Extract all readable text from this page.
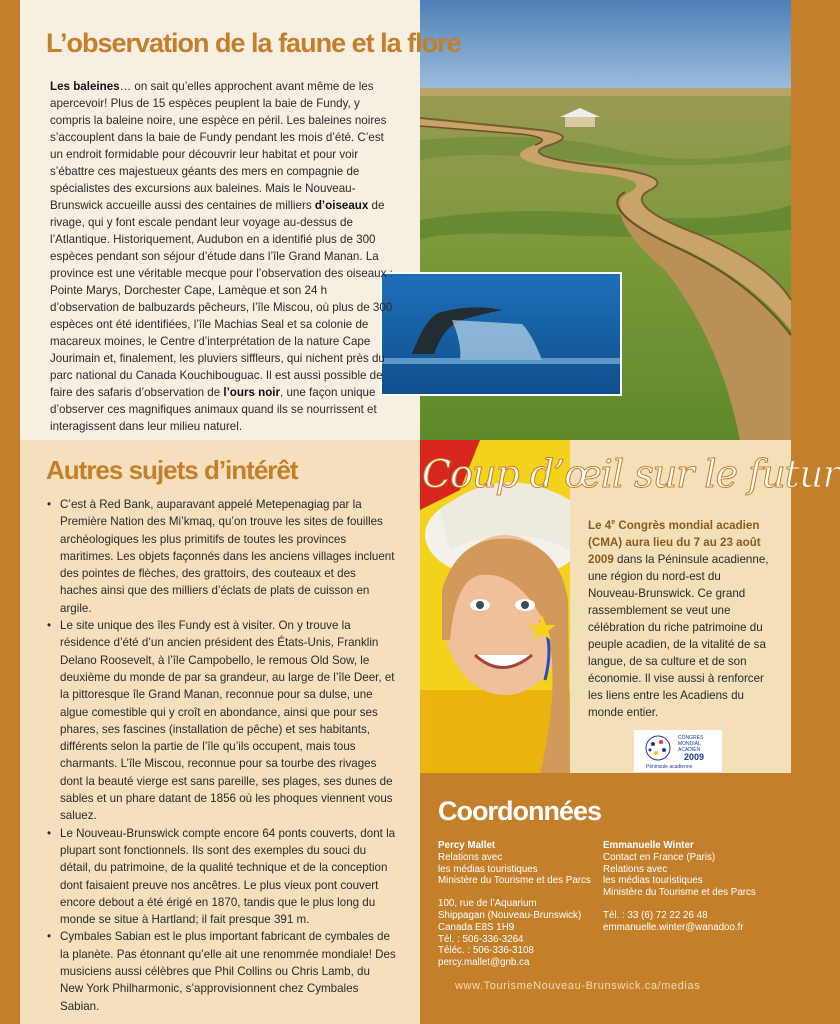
L’observation de la faune et la flore
Les baleines… on sait qu’elles approchent avant même de les apercevoir! Plus de 15 espèces peuplent la baie de Fundy, y compris la baleine noire, une espèce en péril. Les baleines noires s’accouplent dans la baie de Fundy pendant les mois d’été. C’est un endroit formidable pour découvrir leur habitat et pour voir s’ébattre ces majestueux géants des mers en compagnie de spécialistes des excursions aux baleines. Mais le Nouveau-Brunswick accueille aussi des centaines de milliers d’oiseaux de rivage, qui y font escale pendant leur voyage au-dessus de l’Atlantique. Historiquement, Audubon en a identifié plus de 300 espèces pendant son séjour d’étude dans l’île Grand Manan. La province est une véritable mecque pour l’observation des oiseaux : Pointe Marys, Dorchester Cape, Lamèque et son 24 h d’observation de balbuzards pêcheurs, l’île Miscou, où plus de 300 espèces ont été identifiées, l’île Machias Seal et sa colonie de macareux moines, le Centre d’interprétation de la nature Cape Jourimain et, finalement, les pluviers siffleurs, qui nichent près du parc national du Canada Kouchibouguac. Il est aussi possible de faire des safaris d’observation de l’ours noir, une façon unique d’observer ces magnifiques animaux quand ils se nourrissent et interagissent dans leur milieu naturel.
Autres sujets d’intérêt
• C’est à Red Bank, auparavant appelé Metepenagiag par la Première Nation des Mi’kmaq, qu’on trouve les sites de fouilles archéologiques les plus primitifs de toutes les provinces maritimes. Les objets façonnés dans les anciens villages incluent des pointes de flèches, des grattoirs, des couteaux et des haches ainsi que des milliers d’éclats de plats de cuisson en argile.
• Le site unique des îles Fundy est à visiter. On y trouve la résidence d’été d’un ancien président des États-Unis, Franklin Delano Roosevelt, à l’île Campobello, le remous Old Sow, le deuxième du monde de par sa grandeur, au large de l’île Deer, et la pittoresque île Grand Manan, reconnue pour sa dulse, une algue comestible qui y croît en abondance, ainsi que pour ses phares, ses fascines (installation de pêche) et ses habitants, différents selon la partie de l’île qu’ils occupent, mais tous charmants. L’île Miscou, reconnue pour sa tourbe des rivages dont la beauté vierge est sans pareille, ses plages, ses dunes de sables et un phare datant de 1856 où les phoques viennent vous saluez.
• Le Nouveau-Brunswick compte encore 64 ponts couverts, dont la plupart sont fonctionnels. Ils sont des exemples du souci du détail, du patrimoine, de la qualité technique et de la conception dont faisaient preuve nos ancêtres. Le plus vieux pont couvert encore debout a été érigé en 1870, tandis que le plus long du monde se situe à Hartland; il fait presque 391 m.
• Cymbales Sabian est le plus important fabricant de cymbales de la planète. Pas étonnant qu’elle ait une renommée mondiale! Des musiciens aussi célèbres que Phil Collins ou Chris Lamb, du New York Philharmonic, s’approvisionnent chez Cymbales Sabian.
Coup d’œil sur le futur
Le 4e Congrès mondial acadien (CMA) aura lieu du 7 au 23 août 2009 dans la Péninsule acadienne, une région du nord-est du Nouveau-Brunswick. Ce grand rassemblement se veut une célébration du riche patrimoine du peuple acadien, de la vitalité de sa langue, de sa culture et de son économie. Il vise aussi à renforcer les liens entre les Acadiens du monde entier.
CONGRÈS
MONDIAL
ACADIEN
2009
Péninsule acadienne
Coordonnées
Percy Mallet
Relations avec
les médias touristiques
Ministère du Tourisme et des Parcs
100, rue de l’Aquarium
Shippagan (Nouveau-Brunswick)
Canada E8S 1H9
Tél. : 506-336-3264
Téléc. : 506-336-3108
percy.mallet@gnb.ca
Emmanuelle Winter
Contact en France (Paris)
Relations avec
les médias touristiques
Ministère du Tourisme et des Parcs
Tél. : 33 (6) 72 22 26 48
emmanuelle.winter@wanadoo.fr
www.TourismeNouveau-Brunswick.ca/medias
